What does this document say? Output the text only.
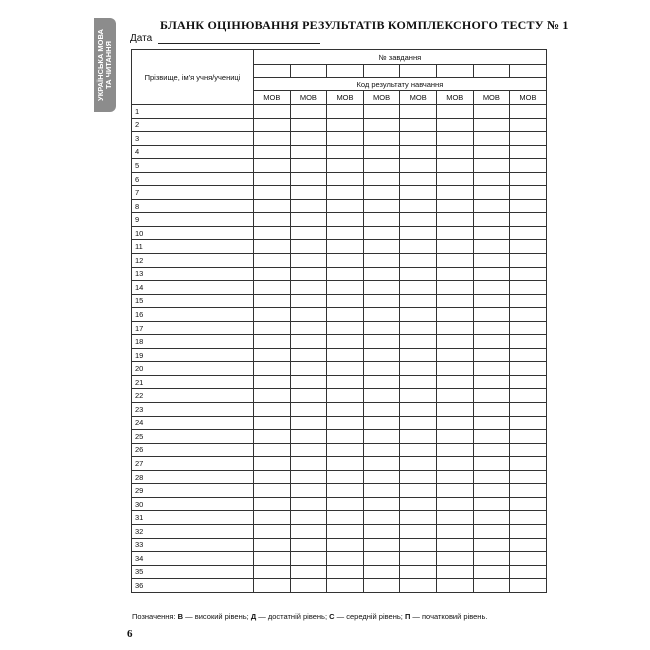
УКРАЇНСЬКА МОВА ТА ЧИТАННЯ
БЛАНК ОЦІНЮВАННЯ РЕЗУЛЬТАТІВ КОМПЛЕКСНОГО ТЕСТУ № 1
Дата
Прізвище, ім'я учня/учениці	№ завдання							

	Код результату навчання							
	МОВ	МОВ	МОВ	МОВ	МОВ	МОВ	МОВ	МОВ
1								
2								
3								
4								
5								
6								
7								
8								
9								
10								
11								
12								
13								
14								
15								
16								
17								
18								
19								
20								
21								
22								
23								
24								
25								
26								
27								
28								
29								
30								
31								
32								
33								
34								
35								
36								
Позначення: В — високий рівень; Д — достатній рівень; С — середній рівень; П — початковий рівень.
6
